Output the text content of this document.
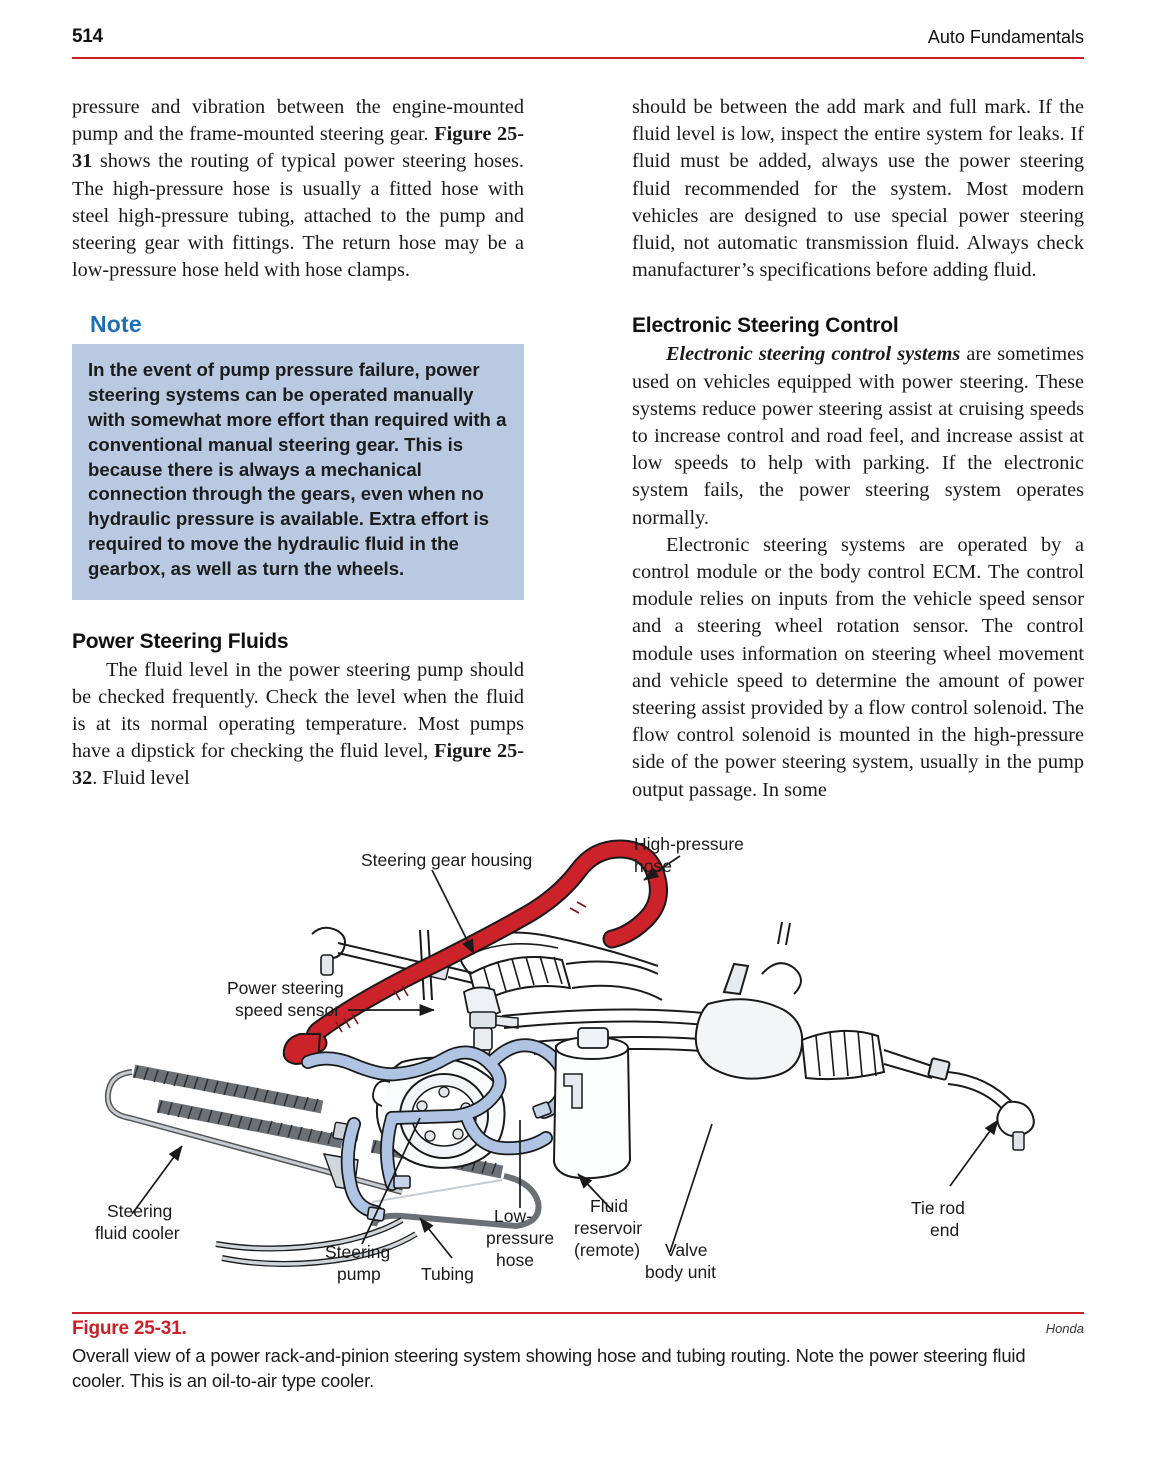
514	Auto Fundamentals

pressure and vibration between the engine-mounted pump and the frame-mounted steering gear. Figure 25-31 shows the routing of typical power steering hoses. The high-pressure hose is usually a fitted hose with steel high-pressure tubing, attached to the pump and steering gear with fittings. The return hose may be a low-pressure hose held with hose clamps.

Note
In the event of pump pressure failure, power steering systems can be operated manually with somewhat more effort than required with a conventional manual steering gear. This is because there is always a mechanical connection through the gears, even when no hydraulic pressure is available. Extra effort is required to move the hydraulic fluid in the gearbox, as well as turn the wheels.
Power Steering Fluids

The fluid level in the power steering pump should be checked frequently. Check the level when the fluid is at its normal operating temperature. Most pumps have a dipstick for checking the fluid level, Figure 25-32. Fluid level

should be between the add mark and full mark. If the fluid level is low, inspect the entire system for leaks. If fluid must be added, always use the power steering fluid recommended for the system. Most modern vehicles are designed to use special power steering fluid, not automatic transmission fluid. Always check manufacturer’s specifications before adding fluid.

Electronic Steering Control

Electronic steering control systems are sometimes used on vehicles equipped with power steering. These systems reduce power steering assist at cruising speeds to increase control and road feel, and increase assist at low speeds to help with parking. If the electronic system fails, the power steering system operates normally.

Electronic steering systems are operated by a control module or the body control ECM. The control module relies on inputs from the vehicle speed sensor and a steering wheel rotation sensor. The control module uses information on steering wheel movement and vehicle speed to determine the amount of power steering assist provided by a flow control solenoid. The flow control solenoid is mounted in the high-pressure side of the power steering system, usually in the pump output passage. In some

Steering gear housing
High-pressure
hose
Power steering
speed sensor
Steering
fluid cooler
Steering
pump Tubing
Low-
pressure
hose
Fluid
reservoir
(remote) Valve
body unit
Tie rod
end
Figure 25-31.	Honda
Overall view of a power rack-and-pinion steering system showing hose and tubing routing. Note the power steering fluid cooler. This is an oil-to-air type cooler.
